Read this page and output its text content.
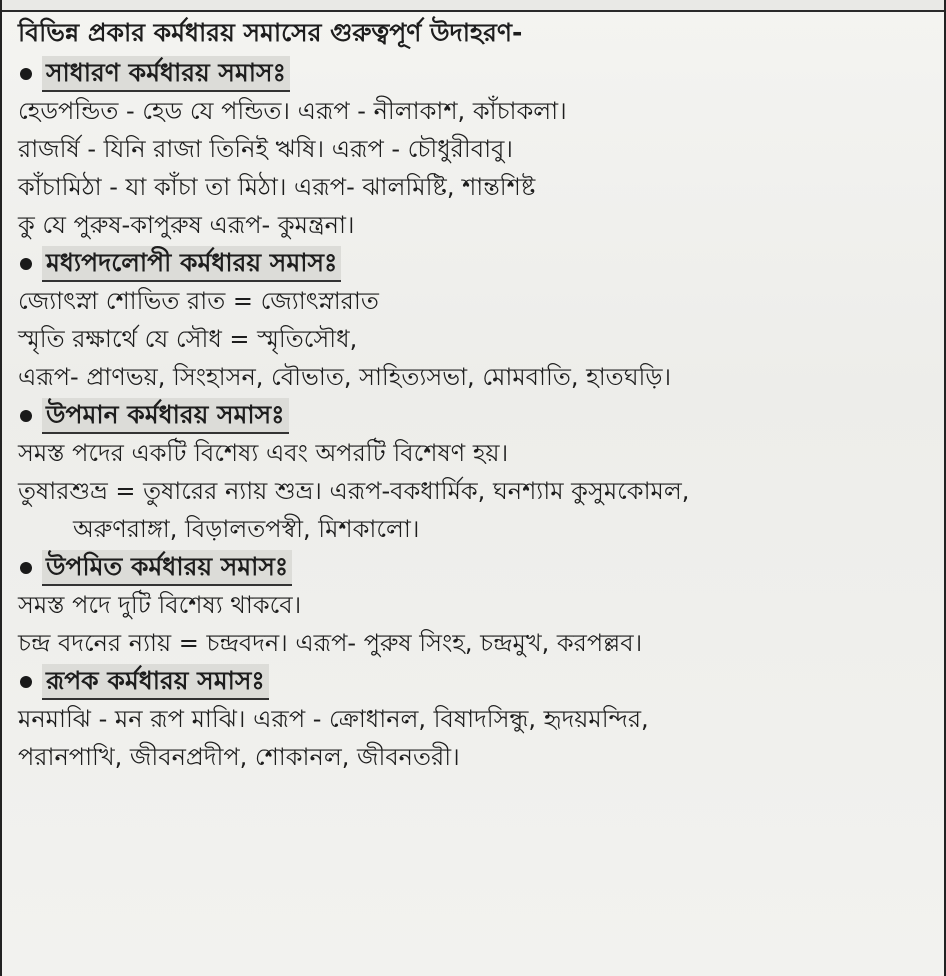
বিভিন্ন প্রকার কর্মধারয় সমাসের গুরুত্বপূর্ণ উদাহরণ-
সাধারণ কর্মধারয় সমাসঃ
হেডপন্ডিত - হেড যে পন্ডিত। এরূপ - নীলাকাশ, কাঁচাকলা।
রাজর্ষি - যিনি রাজা তিনিই ঋষি। এরূপ - চৌধুরীবাবু।
কাঁচামিঠা - যা কাঁচা তা মিঠা। এরূপ- ঝালমিষ্টি, শান্তশিষ্ট
কু যে পুরুষ-কাপুরুষ এরূপ- কুমন্ত্রনা।
মধ্যপদলোপী কর্মধারয় সমাসঃ
জ্যোৎস্না শোভিত রাত = জ্যোৎস্নারাত
স্মৃতি রক্ষার্থে যে সৌধ = স্মৃতিসৌধ,
এরূপ- প্রাণভয়, সিংহাসন, বৌভাত, সাহিত্যসভা, মোমবাতি, হাতঘড়ি।
উপমান কর্মধারয় সমাসঃ
সমস্ত পদের একটি বিশেষ্য এবং অপরটি বিশেষণ হয়।
তুষারশুভ্র = তুষারের ন্যায় শুভ্র। এরূপ-বকধার্মিক, ঘনশ্যাম কুসুমকোমল,
অরুণরাঙ্গা, বিড়ালতপস্বী, মিশকালো।
উপমিত কর্মধারয় সমাসঃ
সমস্ত পদে দুটি বিশেষ্য থাকবে।
চন্দ্র বদনের ন্যায় = চন্দ্রবদন। এরূপ- পুরুষ সিংহ, চন্দ্রমুখ, করপল্লব।
রূপক কর্মধারয় সমাসঃ
মনমাঝি - মন রূপ মাঝি। এরূপ - ক্রোধানল, বিষাদসিন্ধু, হৃদয়মন্দির,
পরানপাখি, জীবনপ্রদীপ, শোকানল, জীবনতরী।
